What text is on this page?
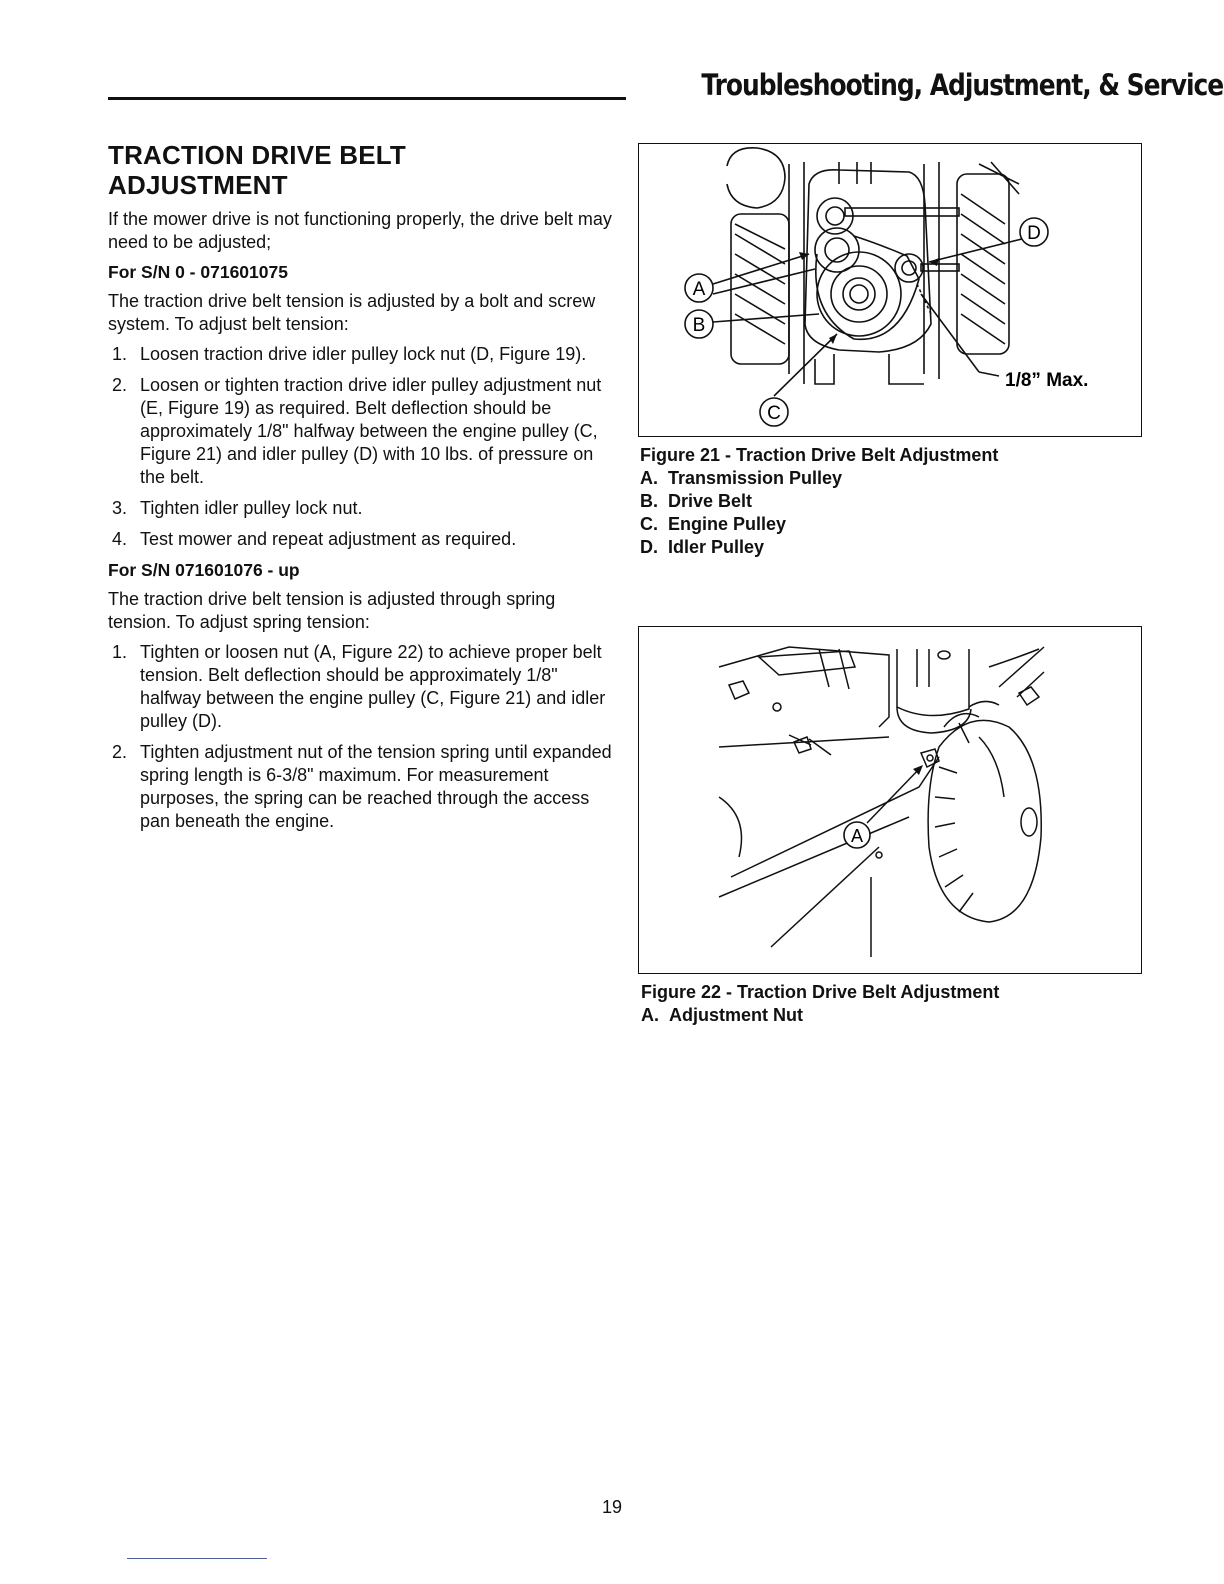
Troubleshooting, Adjustment, & Service
TRACTION DRIVE BELT
ADJUSTMENT

If the mower drive is not functioning properly, the drive belt may need to be adjusted;

For S/N 0 - 071601075

The traction drive belt tension is adjusted by a bolt and screw system. To adjust belt tension:

1. Loosen traction drive idler pulley lock nut (D, Figure 19).
2. Loosen or tighten traction drive idler pulley adjustment nut (E, Figure 19) as required. Belt deflection should be approximately 1/8" halfway between the engine pulley (C, Figure 21) and idler pulley (D) with 10 lbs. of pressure on the belt.
3. Tighten idler pulley lock nut.
4. Test mower and repeat adjustment as required.
For S/N 071601076 - up

The traction drive belt tension is adjusted through spring tension. To adjust spring tension:

1. Tighten or loosen nut (A, Figure 22) to achieve proper belt tension. Belt deflection should be approximately 1/8" halfway between the engine pulley (C, Figure 21) and idler pulley (D).
2. Tighten adjustment nut of the tension spring until expanded spring length is 6-3/8" maximum. For measurement purposes, the spring can be reached through the access pan beneath the engine.
A
B
C
D
1/8” Max.
Figure 21 - Traction Drive Belt Adjustment
A. Transmission Pulley
B. Drive Belt
C. Engine Pulley
D. Idler Pulley
A
Figure 22 - Traction Drive Belt Adjustment
A. Adjustment Nut
19
